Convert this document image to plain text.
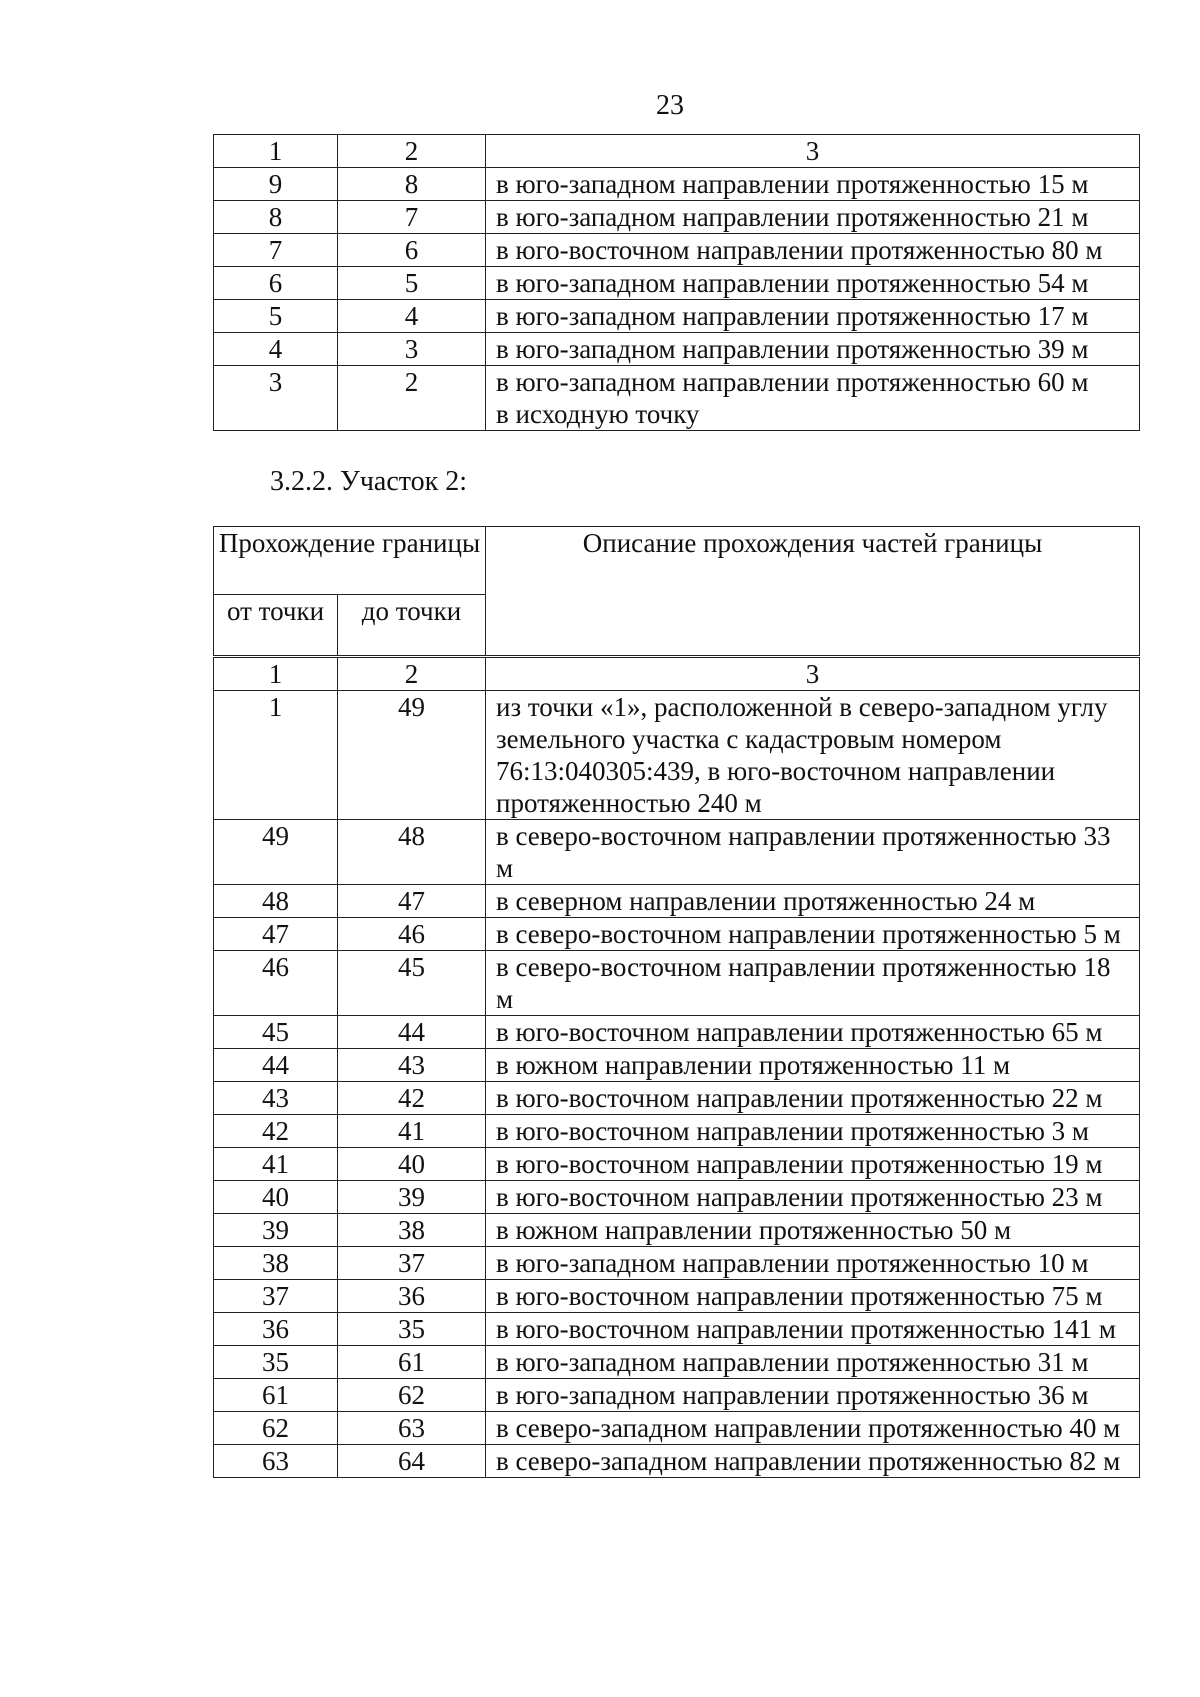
23
1	2	3
9	8	в юго-западном направлении протяженностью 15 м
8	7	в юго-западном направлении протяженностью 21 м
7	6	в юго-восточном направлении протяженностью 80 м
6	5	в юго-западном направлении протяженностью 54 м
5	4	в юго-западном направлении протяженностью 17 м
4	3	в юго-западном направлении протяженностью 39 м
3	2	в юго-западном направлении протяженностью 60 м
в исходную точку
3.2.2. Участок 2:
Прохождение границы		Описание прохождения частей границы
от точки	до точки	
1	2	3
1	49	из точки «1», расположенной в северо-западном углу земельного участка с кадастровым номером 76:13:040305:439, в юго-восточном направлении протяженностью 240 м
49	48	в северо-восточном направлении протяженностью 33 м
48	47	в северном направлении протяженностью 24 м
47	46	в северо-восточном направлении протяженностью 5 м
46	45	в северо-восточном направлении протяженностью 18 м
45	44	в юго-восточном направлении протяженностью 65 м
44	43	в южном направлении протяженностью 11 м
43	42	в юго-восточном направлении протяженностью 22 м
42	41	в юго-восточном направлении протяженностью 3 м
41	40	в юго-восточном направлении протяженностью 19 м
40	39	в юго-восточном направлении протяженностью 23 м
39	38	в южном направлении протяженностью 50 м
38	37	в юго-западном направлении протяженностью 10 м
37	36	в юго-восточном направлении протяженностью 75 м
36	35	в юго-восточном направлении протяженностью 141 м
35	61	в юго-западном направлении протяженностью 31 м
61	62	в юго-западном направлении протяженностью 36 м
62	63	в северо-западном направлении протяженностью 40 м
63	64	в северо-западном направлении протяженностью 82 м
